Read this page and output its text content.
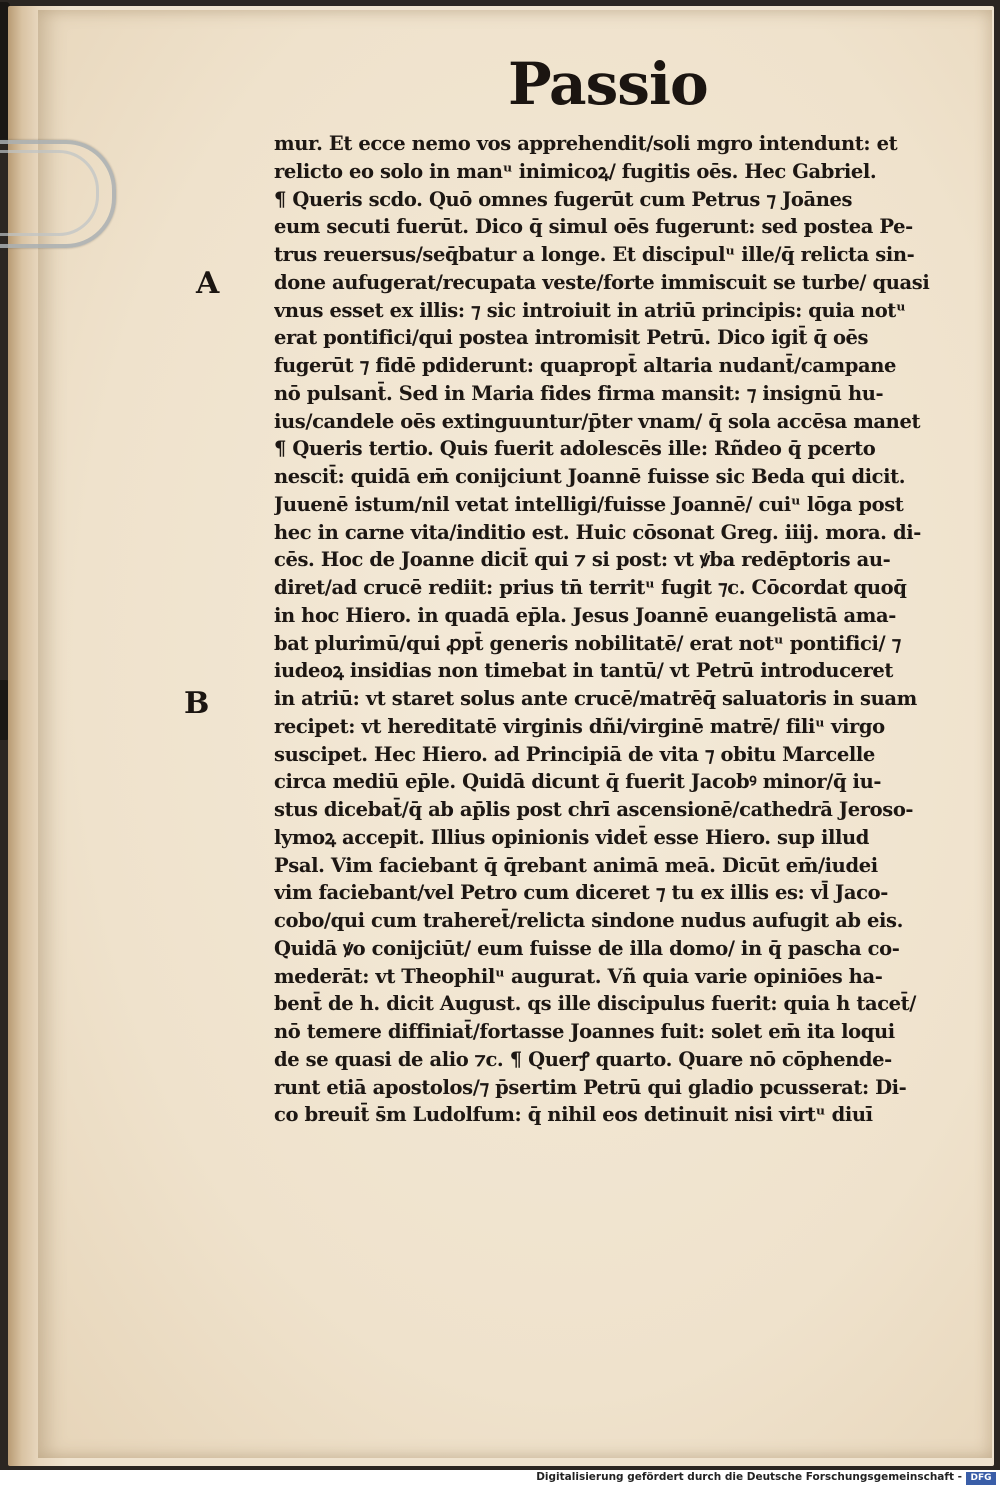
Passio
A
B
mur. Et ecce nemo vos apprehendit/soli mgro intendunt: et
relicto eo solo in manᵘ inimicoꝝ/ fugitis oēs. Hec Gabriel.
¶ Queris scdo. Quō omnes fugerūt cum Petrus ⁊ Joānes
eum secuti fuerūt. Dico q̄ simul oēs fugerunt: sed postea Pe-
trus reuersus/seq̄batur a longe. Et discipulᵘ ille/q̄ relicta sin-
done aufugerat/recupata veste/forte immiscuit se turbe/ quasi
vnus esset ex illis: ⁊ sic introiuit in atriū principis: quia notᵘ
erat pontifici/qui postea intromisit Petrū. Dico igit̄ q̄ oēs
fugerūt ⁊ fidē pdiderunt: quapropt̄ altaria nudant̄/campane
nō pulsant̄. Sed in Maria fides firma mansit: ⁊ insignū hu-
ius/candele oēs extinguuntur/p̄ter vnam/ q̄ sola accēsa manet
¶ Queris tertio. Quis fuerit adolescēs ille: Rñdeo q̄ pcerto
nescit̄: quidā em̄ conijciunt Joannē fuisse sic Beda qui dicit.
Juuenē istum/nil vetat intelligi/fuisse Joannē/ cuiᵘ lōga post
hec in carne vita/inditio est. Huic cōsonat Greg. iiij. mora. di-
cēs. Hoc de Joanne dicit̄ qui ⁊ si post: vt ꝟba redēptoris au-
diret/ad crucē rediit: prius tn̄ territᵘ fugit ⁊c. Cōcordat quoq̄
in hoc Hiero. in quadā ep̄la. Jesus Joannē euangelistā ama-
bat plurimū/qui ꝓpt̄ generis nobilitatē/ erat notᵘ pontifici/ ⁊
iudeoꝝ insidias non timebat in tantū/ vt Petrū introduceret
in atriū: vt staret solus ante crucē/matrēq̄ saluatoris in suam
recipet: vt hereditatē virginis dñi/virginē matrē/ filiᵘ virgo
suscipet. Hec Hiero. ad Principiā de vita ⁊ obitu Marcelle
circa mediū ep̄le. Quidā dicunt q̄ fuerit Jacobꝰ minor/q̄ iu-
stus dicebat̄/q̄ ab ap̄lis post chrī ascensionē/cathedrā Jeroso-
lymoꝝ accepit. Illius opinionis videt̄ esse Hiero. sup illud
Psal. Vim faciebant q̄ q̄rebant animā meā. Dicūt em̄/iudei
vim faciebant/vel Petro cum diceret ⁊ tu ex illis es: vl̄ Jaco-
cobo/qui cum traheret̄/relicta sindone nudus aufugit ab eis.
Quidā ꝟo conijciūt/ eum fuisse de illa domo/ in q̄ pascha co-
mederāt: vt Theophilᵘ augurat. Vñ quia varie opiniōes ha-
bent̄ de h. dicit August. qs ille discipulus fuerit: quia h tacet̄/
nō temere diffiniat̄/fortasse Joannes fuit: solet em̄ ita loqui
de se quasi de alio ⁊c. ¶ Querꝭ quarto. Quare nō cōphende-
runt etiā apostolos/⁊ p̄sertim Petrū qui gladio pcusserat: Di-
co breuit̄ s̄m Ludolfum: q̄ nihil eos detinuit nisi virtᵘ diuī
Digitalisierung gefördert durch die Deutsche Forschungsgemeinschaft - DFG
